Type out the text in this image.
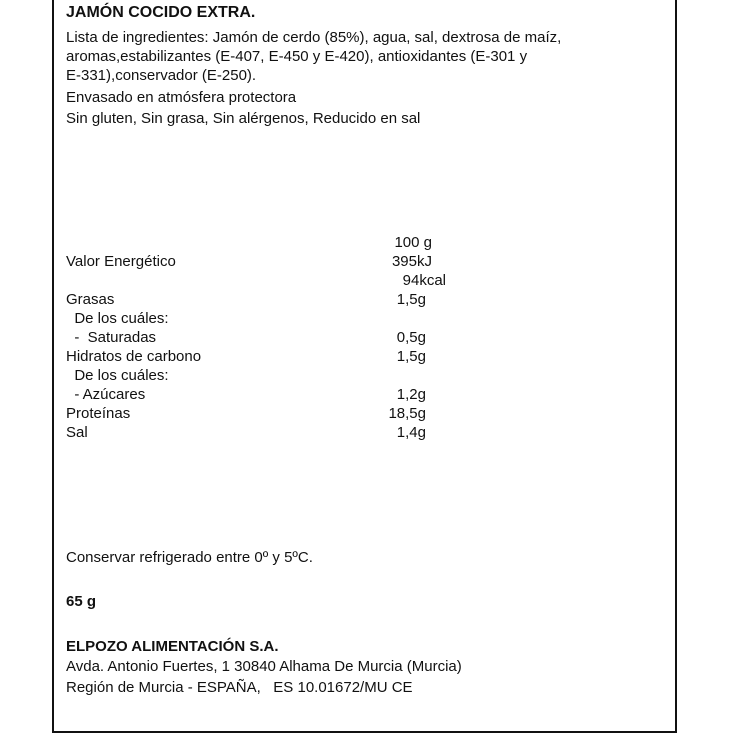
JAMÓN COCIDO EXTRA.
Lista de ingredientes: Jamón de cerdo (85%), agua, sal, dextrosa de maíz,
aromas,estabilizantes (E-407, E-450 y E-420), antioxidantes (E-301 y
E-331),conservador (E-250).
Envasado en atmósfera protectora
Sin gluten, Sin grasa, Sin alérgenos, Reducido en sal
100 g
Valor Energético	395kJ
94kcal
Grasas	1,5g
De los cuáles:
-  Saturadas	0,5g
Hidratos de carbono	1,5g
De los cuáles:
- Azúcares	1,2g
Proteínas	18,5g
Sal	1,4g
Conservar refrigerado entre 0º y 5ºC.
65 g
ELPOZO ALIMENTACIÓN S.A.
Avda. Antonio Fuertes, 1 30840 Alhama De Murcia (Murcia)
Región de Murcia - ESPAÑA,   ES 10.01672/MU CE
